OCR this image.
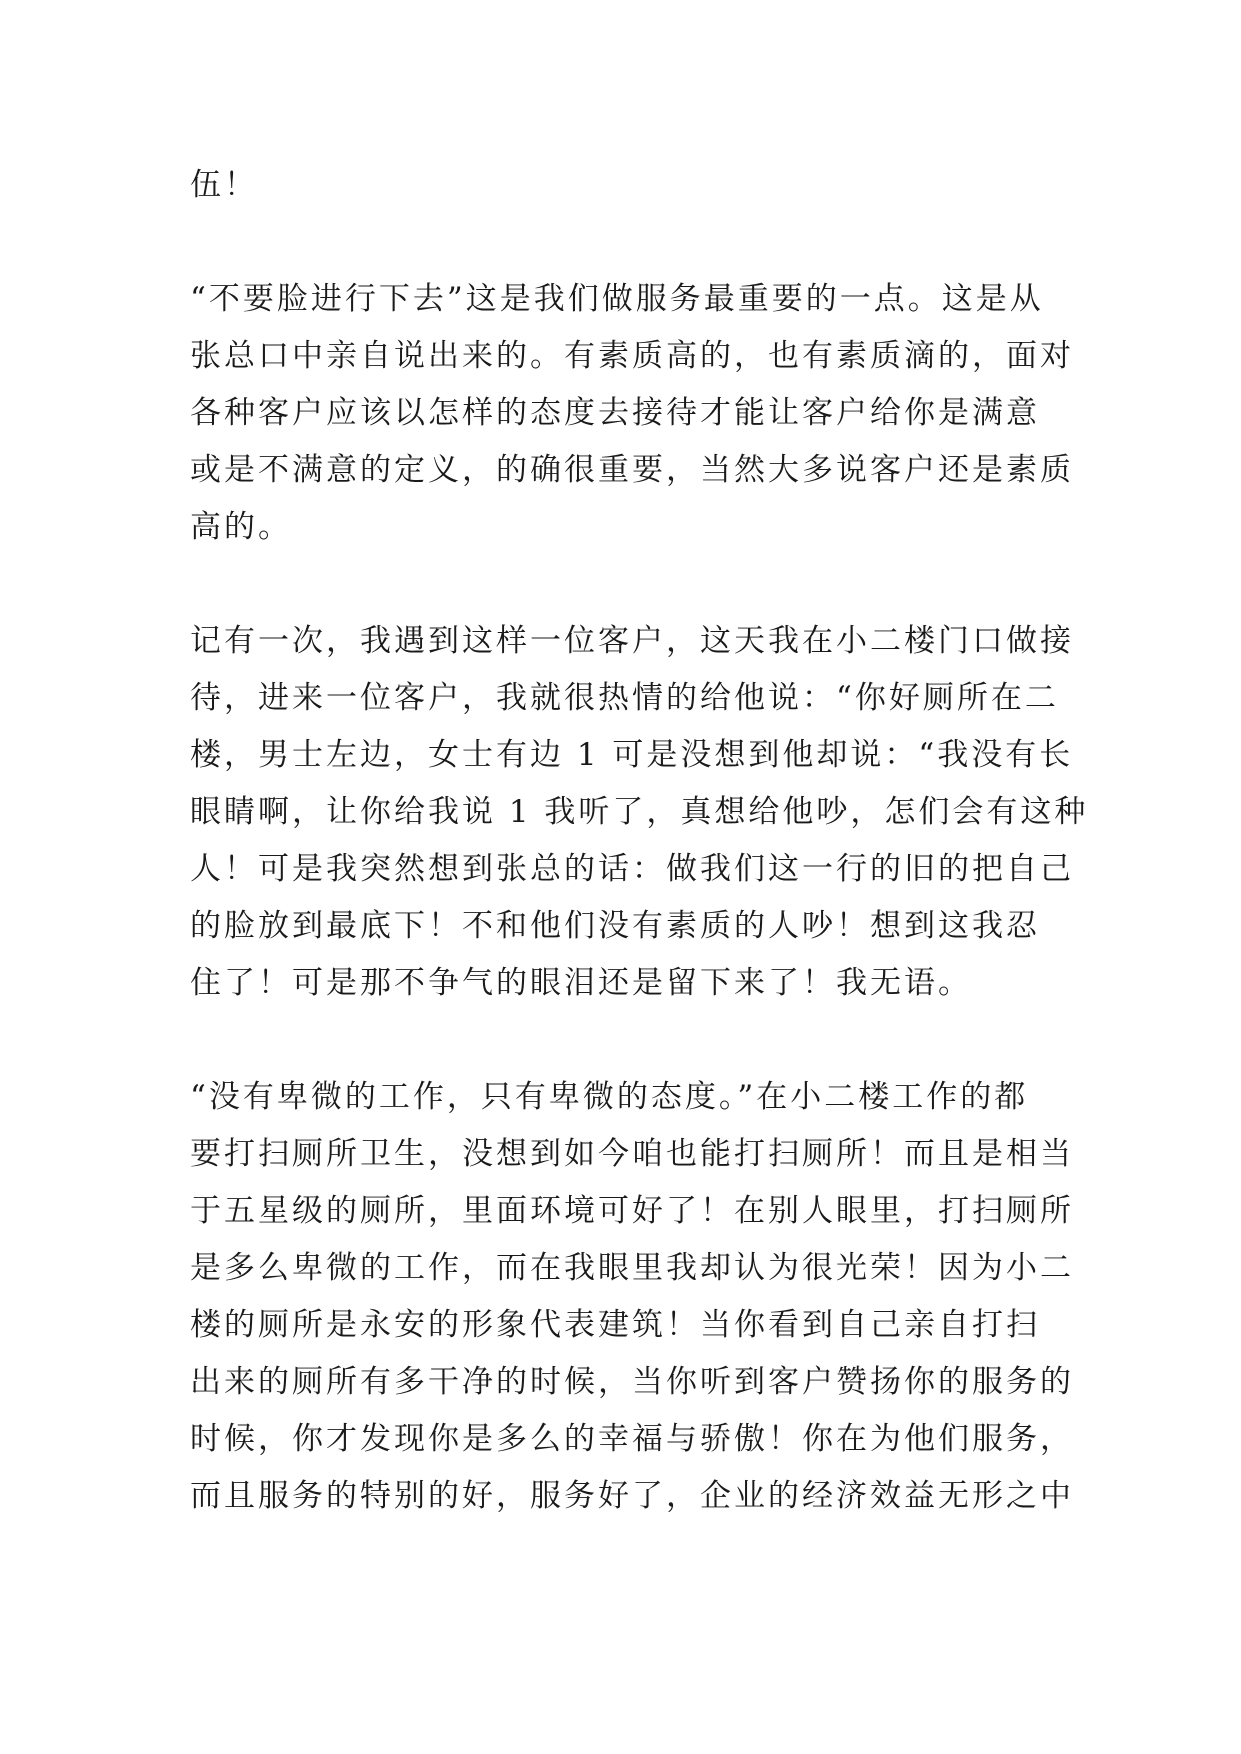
伍！
“不要脸进行下去”这是我们做服务最重要的一点。这是从
张总口中亲自说出来的。有素质高的，也有素质滴的，面对
各种客户应该以怎样的态度去接待才能让客户给你是满意
或是不满意的定义，的确很重要，当然大多说客户还是素质
高的。
记有一次，我遇到这样一位客户，这天我在小二楼门口做接
待，进来一位客户，我就很热情的给他说：“你好厕所在二
楼，男士左边，女士有边 1 可是没想到他却说：“我没有长
眼睛啊，让你给我说 1 我听了，真想给他吵，怎们会有这种
人！可是我突然想到张总的话：做我们这一行的旧的把自己
的脸放到最底下！不和他们没有素质的人吵！想到这我忍
住了！可是那不争气的眼泪还是留下来了！我无语。
“没有卑微的工作，只有卑微的态度。”在小二楼工作的都
要打扫厕所卫生，没想到如今咱也能打扫厕所！而且是相当
于五星级的厕所，里面环境可好了！在别人眼里，打扫厕所
是多么卑微的工作，而在我眼里我却认为很光荣！因为小二
楼的厕所是永安的形象代表建筑！当你看到自己亲自打扫
出来的厕所有多干净的时候，当你听到客户赞扬你的服务的
时候，你才发现你是多么的幸福与骄傲！你在为他们服务，
而且服务的特别的好，服务好了，企业的经济效益无形之中
